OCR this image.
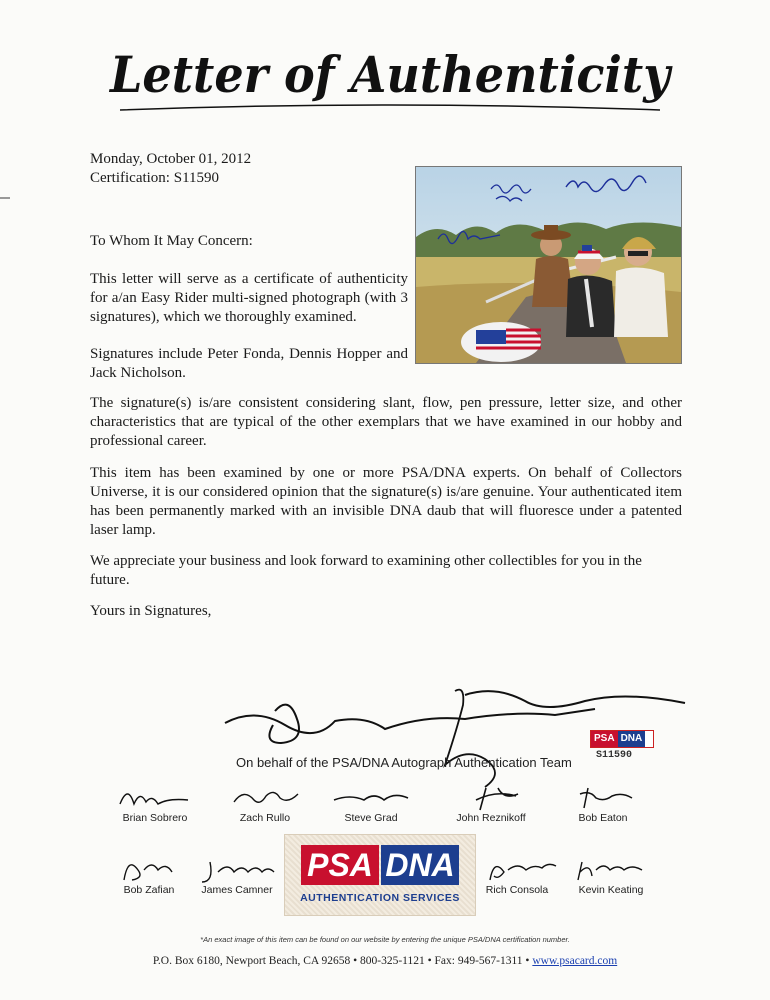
Letter of Authenticity
Monday, October 01, 2012
Certification: S11590
To Whom It May Concern:
This letter will serve as a certificate of authenticity for a/an Easy Rider multi-signed photograph (with 3 signatures), which we thoroughly examined.
Signatures include Peter Fonda, Dennis Hopper and Jack Nicholson.
The signature(s) is/are consistent considering slant, flow, pen pressure, letter size, and other characteristics that are typical of the other exemplars that we have examined in our hobby and professional career.
This item has been examined by one or more PSA/DNA experts. On behalf of Collectors Universe, it is our considered opinion that the signature(s) is/are genuine. Your authenticated item has been permanently marked with an invisible DNA daub that will fluoresce under a patented laser lamp.
We appreciate your business and look forward to examining other collectibles for you in the future.
Yours in Signatures,
On behalf of the PSA/DNA Autograph Authentication Team
PSA DNA
S11590
Brian Sobrero	Zach Rullo	Steve Grad	John Reznikoff	Bob Eaton
Bob Zafian	James Camner	Rich Consola	Kevin Keating
PSA DNA
AUTHENTICATION SERVICES
*An exact image of this item can be found on our website by entering the unique PSA/DNA certification number.
P.O. Box 6180, Newport Beach, CA 92658 • 800-325-1121 • Fax: 949-567-1311 • www.psacard.com
